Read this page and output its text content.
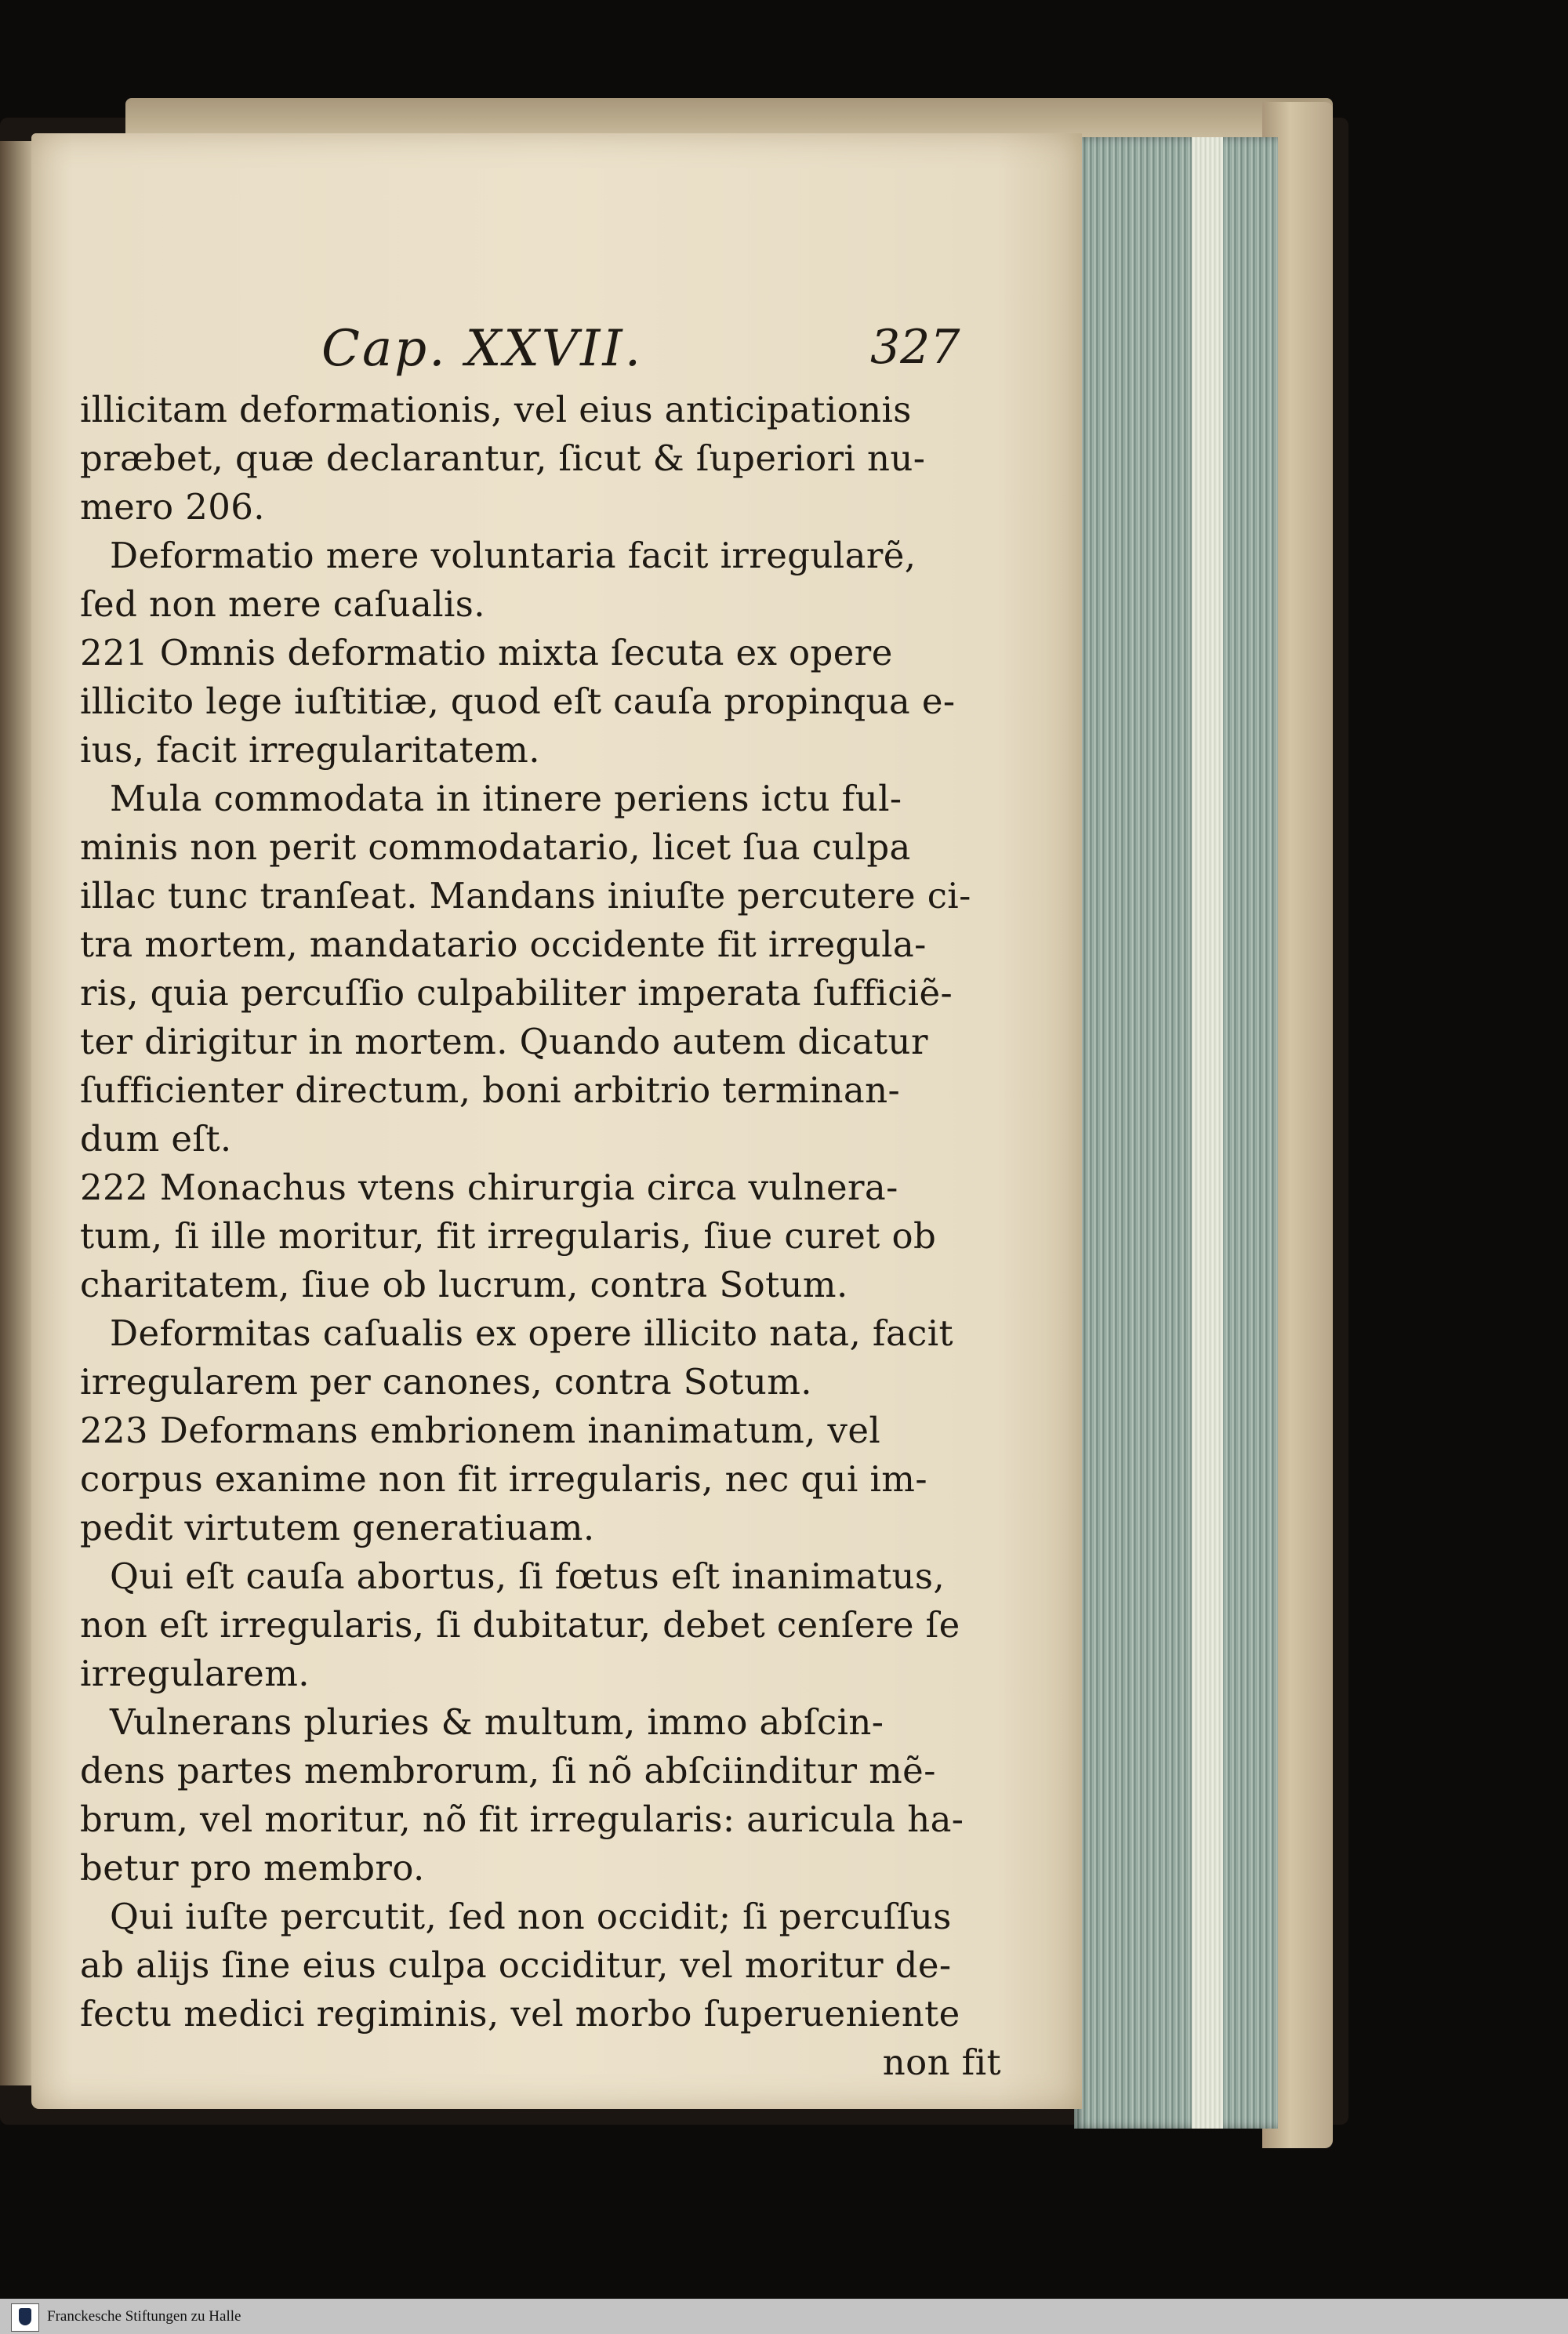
Cap. XXVII.	327
illicitam deformationis, vel eius anticipationis
præbet, quæ declarantur, ſicut & ſuperiori nu-
mero 206.
Deformatio mere voluntaria facit irregularẽ,
ſed non mere caſualis.
221 Omnis deformatio mixta ſecuta ex opere
illicito lege iuſtitiæ, quod eſt cauſa propinqua e-
ius, facit irregularitatem.
Mula commodata in itinere periens ictu ful-
minis non perit commodatario, licet ſua culpa
illac tunc tranſeat. Mandans iniuſte percutere ci-
tra mortem, mandatario occidente fit irregula-
ris, quia percuſſio culpabiliter imperata ſufficiẽ-
ter dirigitur in mortem. Quando autem dicatur
ſufficienter directum, boni arbitrio terminan-
dum eſt.
222 Monachus vtens chirurgia circa vulnera-
tum, ſi ille moritur, fit irregularis, ſiue curet ob
charitatem, ſiue ob lucrum, contra Sotum.
Deformitas caſualis ex opere illicito nata, facit
irregularem per canones, contra Sotum.
223 Deformans embrionem inanimatum, vel
corpus exanime non fit irregularis, nec qui im-
pedit virtutem generatiuam.
Qui eſt cauſa abortus, ſi fœtus eſt inanimatus,
non eſt irregularis, ſi dubitatur, debet cenſere ſe
irregularem.
Vulnerans pluries & multum, immo abſcin-
dens partes membrorum, ſi nõ abſciinditur mẽ-
brum, vel moritur, nõ fit irregularis: auricula ha-
betur pro membro.
Qui iuſte percutit, ſed non occidit; ſi percuſſus
ab alijs ſine eius culpa occiditur, vel moritur de-
fectu medici regiminis, vel morbo ſuperueniente
non fit
Franckesche Stiftungen zu Halle
